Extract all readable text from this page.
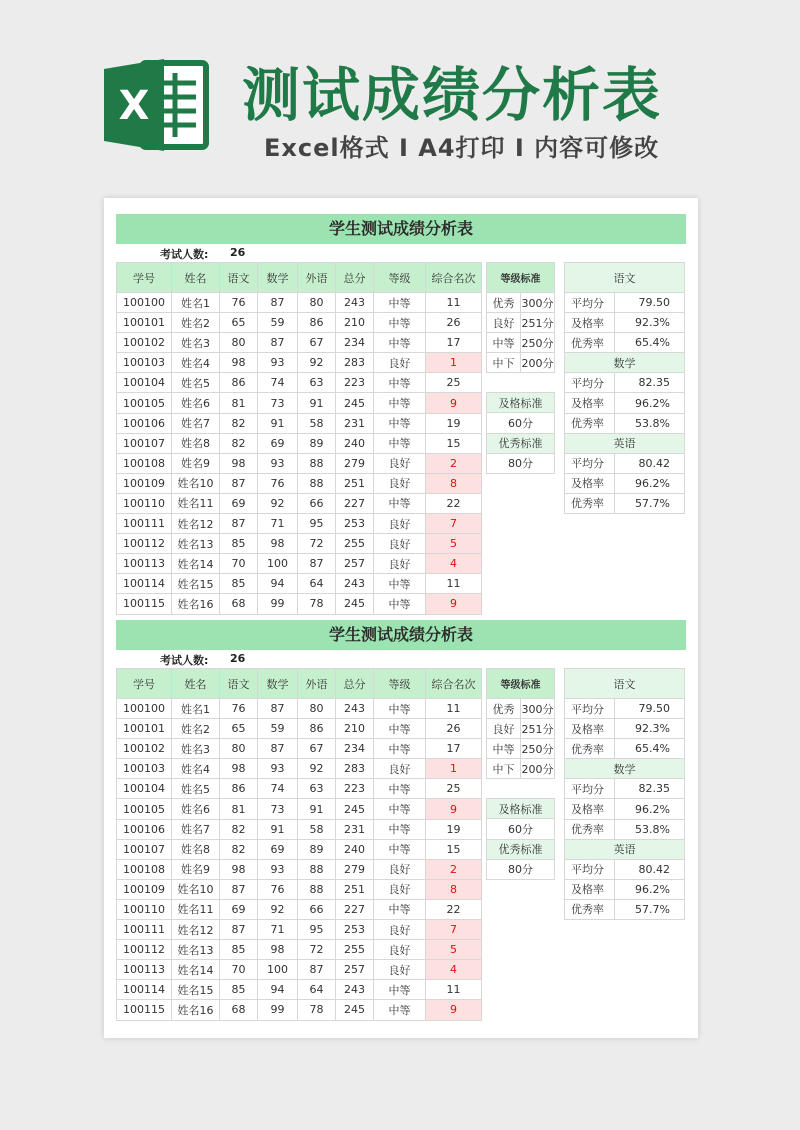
X 测试成绩分析表
Excel格式 I A4打印 I 内容可修改
学生测试成绩分析表
考试人数: 26
学号	姓名	语文	数学	外语	总分	等级	综合名次
100100	姓名1	76	87	80	243	中等	11
100101	姓名2	65	59	86	210	中等	26
100102	姓名3	80	87	67	234	中等	17
100103	姓名4	98	93	92	283	良好	1
100104	姓名5	86	74	63	223	中等	25
100105	姓名6	81	73	91	245	中等	9
100106	姓名7	82	91	58	231	中等	19
100107	姓名8	82	69	89	240	中等	15
100108	姓名9	98	93	88	279	良好	2
100109	姓名10	87	76	88	251	良好	8
100110	姓名11	69	92	66	227	中等	22
100111	姓名12	87	71	95	253	良好	7
100112	姓名13	85	98	72	255	良好	5
100113	姓名14	70	100	87	257	良好	4
100114	姓名15	85	94	64	243	中等	11
100115	姓名16	68	99	78	245	中等	9
等级标准	
优秀	300分
良好	251分
中等	250分
中下	200分

及格标准	
60分	
优秀标准	
80分	
语文	
平均分	79.50
及格率	92.3%
优秀率	65.4%
数学	
平均分	82.35
及格率	96.2%
优秀率	53.8%
英语	
平均分	80.42
及格率	96.2%
优秀率	57.7%
学生测试成绩分析表
考试人数: 26
学号	姓名	语文	数学	外语	总分	等级	综合名次
100100	姓名1	76	87	80	243	中等	11
100101	姓名2	65	59	86	210	中等	26
100102	姓名3	80	87	67	234	中等	17
100103	姓名4	98	93	92	283	良好	1
100104	姓名5	86	74	63	223	中等	25
100105	姓名6	81	73	91	245	中等	9
100106	姓名7	82	91	58	231	中等	19
100107	姓名8	82	69	89	240	中等	15
100108	姓名9	98	93	88	279	良好	2
100109	姓名10	87	76	88	251	良好	8
100110	姓名11	69	92	66	227	中等	22
100111	姓名12	87	71	95	253	良好	7
100112	姓名13	85	98	72	255	良好	5
100113	姓名14	70	100	87	257	良好	4
100114	姓名15	85	94	64	243	中等	11
100115	姓名16	68	99	78	245	中等	9
等级标准	
优秀	300分
良好	251分
中等	250分
中下	200分

及格标准	
60分	
优秀标准	
80分	
语文	
平均分	79.50
及格率	92.3%
优秀率	65.4%
数学	
平均分	82.35
及格率	96.2%
优秀率	53.8%
英语	
平均分	80.42
及格率	96.2%
优秀率	57.7%
